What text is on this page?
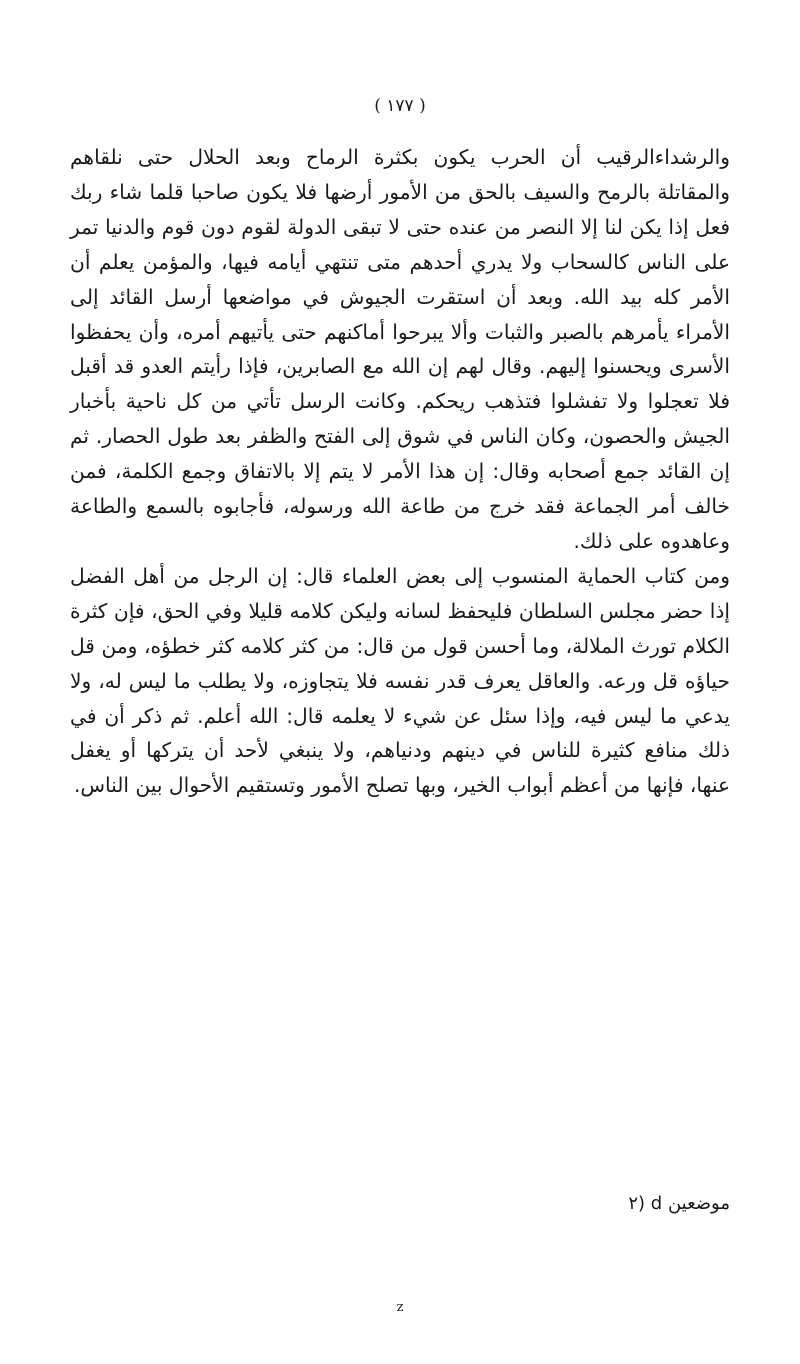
( ١٧٧ )

والرشداءالرقيب أن الحرب يكون بكثرة الرماح وبعد الحلال حتى نلقاهم والمقاتلة بالرمح والسيف بالحق من الأمور أرضها فلا يكون صاحبا قلما شاء ربك فعل إذا يكن لنا إلا النصر من عنده حتى لا تبقى الدولة لقوم دون قوم والدنيا تمر على الناس كالسحاب ولا يدري أحدهم متى تنتهي أيامه فيها، والمؤمن يعلم أن الأمر كله بيد الله. وبعد أن استقرت الجيوش في مواضعها أرسل القائد إلى الأمراء يأمرهم بالصبر والثبات وألا يبرحوا أماكنهم حتى يأتيهم أمره، وأن يحفظوا الأسرى ويحسنوا إليهم. وقال لهم إن الله مع الصابرين، فإذا رأيتم العدو قد أقبل فلا تعجلوا ولا تفشلوا فتذهب ريحكم. وكانت الرسل تأتي من كل ناحية بأخبار الجيش والحصون، وكان الناس في شوق إلى الفتح والظفر بعد طول الحصار. ثم إن القائد جمع أصحابه وقال: إن هذا الأمر لا يتم إلا بالاتفاق وجمع الكلمة، فمن خالف أمر الجماعة فقد خرج من طاعة الله ورسوله، فأجابوه بالسمع والطاعة وعاهدوه على ذلك.

ومن كتاب الحماية المنسوب إلى بعض العلماء قال: إن الرجل من أهل الفضل إذا حضر مجلس السلطان فليحفظ لسانه وليكن كلامه قليلا وفي الحق، فإن كثرة الكلام تورث الملالة، وما أحسن قول من قال: من كثر كلامه كثر خطؤه، ومن قل حياؤه قل ورعه. والعاقل يعرف قدر نفسه فلا يتجاوزه، ولا يطلب ما ليس له، ولا يدعي ما ليس فيه، وإذا سئل عن شيء لا يعلمه قال: الله أعلم. ثم ذكر أن في ذلك منافع كثيرة للناس في دينهم ودنياهم، ولا ينبغي لأحد أن يتركها أو يغفل عنها، فإنها من أعظم أبواب الخير، وبها تصلح الأمور وتستقيم الأحوال بين الناس.

موضعين d (٢
z
